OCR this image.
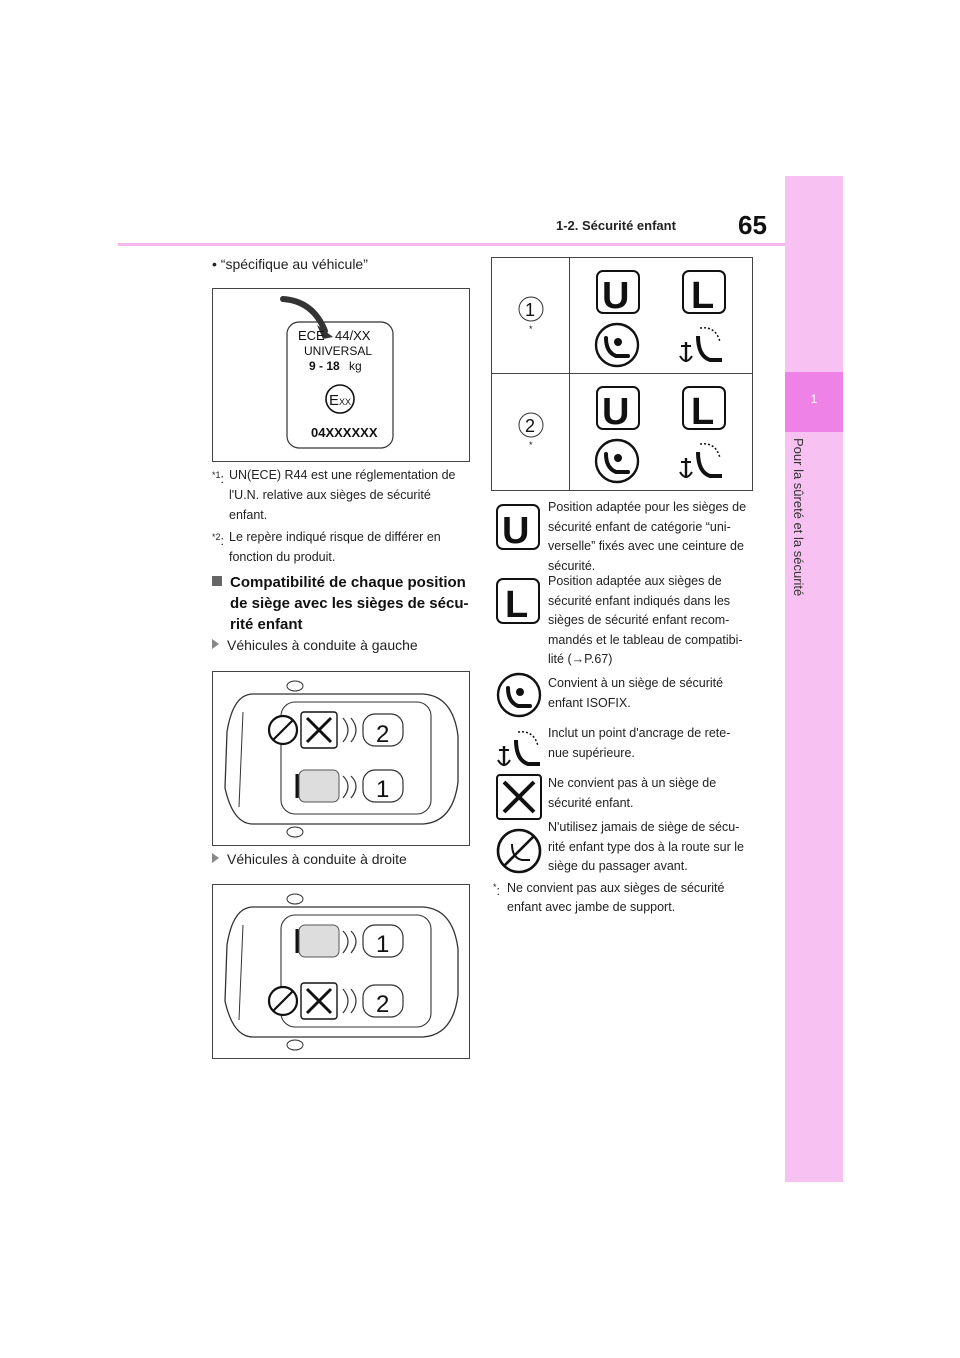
1
Pour la sûreté et la sécurité
1-2. Sécurité enfant 65
• “spécifique au véhicule”
ECE 44/XX
UNIVERSAL
9 - 18 kg
E XX
04XXXXXX
$^{*1}$: UN(ECE) R44 est une réglementation de
l'U.N. relative aux sièges de sécurité
enfant.
$^{*2}$: Le repère indiqué risque de différer en
fonction du produit.
Compatibilité de chaque position
de siège avec les sièges de sécu-
rité enfant
Véhicules à conduite à gauche
2
1
Véhicules à conduite à droite
1
2
1
*
U L
2
*
U L
U
Position adaptée pour les sièges de
sécurité enfant de catégorie “uni-
verselle” fixés avec une ceinture de
sécurité.
L
Position adaptée aux sièges de
sécurité enfant indiqués dans les
sièges de sécurité enfant recom-
mandés et le tableau de compatibi-
lité (→P.67)
Convient à un siège de sécurité
enfant ISOFIX.
Inclut un point d'ancrage de rete-
nue supérieure.
Ne convient pas à un siège de
sécurité enfant.
N'utilisez jamais de siège de sécu-
rité enfant type dos à la route sur le
siège du passager avant.
*: Ne convient pas aux sièges de sécurité
enfant avec jambe de support.
